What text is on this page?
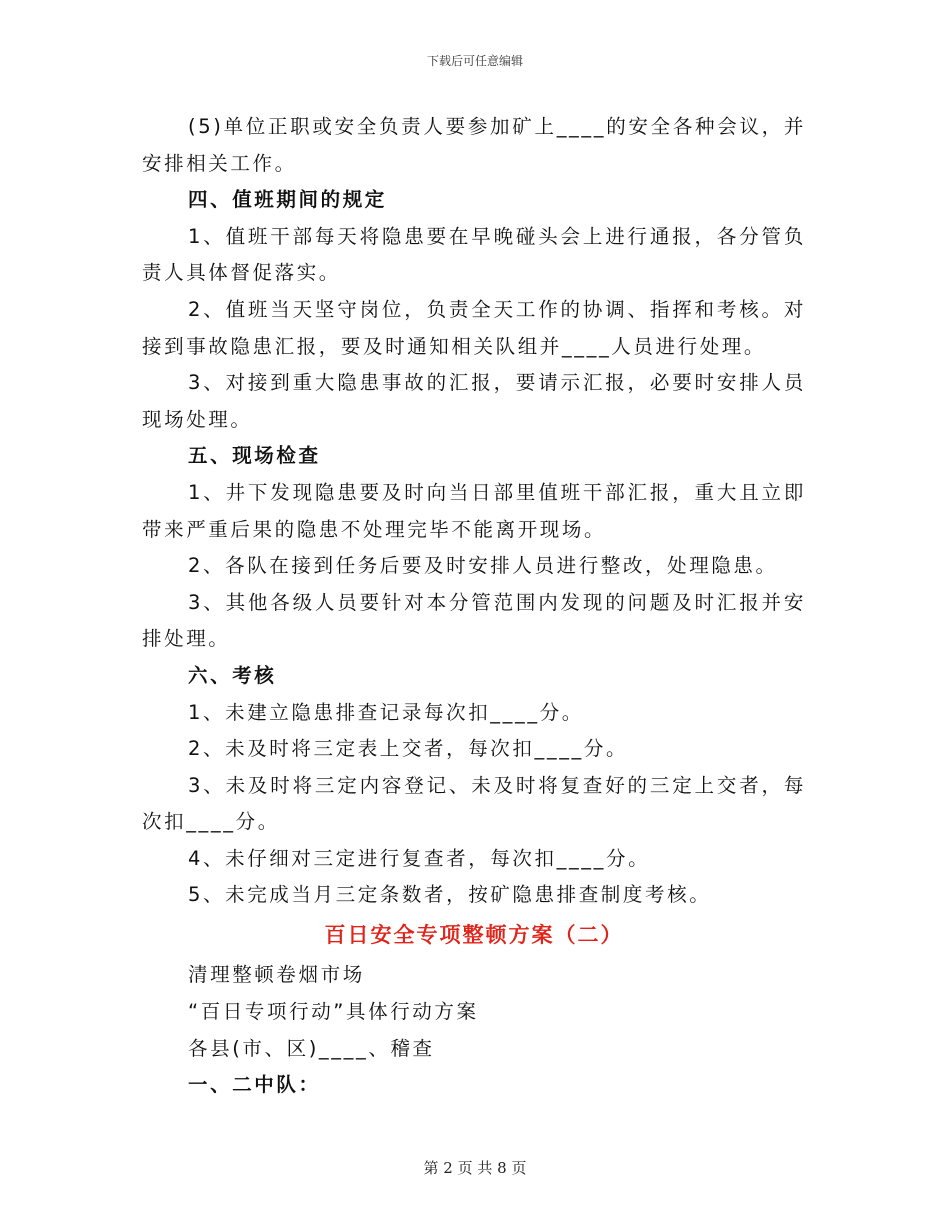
下载后可任意编辑

(5)单位正职或安全负责人要参加矿上____的安全各种会议，并安排相关工作。

四、值班期间的规定

1、值班干部每天将隐患要在早晚碰头会上进行通报，各分管负责人具体督促落实。

2、值班当天坚守岗位，负责全天工作的协调、指挥和考核。对接到事故隐患汇报，要及时通知相关队组并____人员进行处理。

3、对接到重大隐患事故的汇报，要请示汇报，必要时安排人员现场处理。

五、现场检查

1、井下发现隐患要及时向当日部里值班干部汇报，重大且立即带来严重后果的隐患不处理完毕不能离开现场。

2、各队在接到任务后要及时安排人员进行整改，处理隐患。

3、其他各级人员要针对本分管范围内发现的问题及时汇报并安排处理。

六、考核

1、未建立隐患排查记录每次扣____分。

2、未及时将三定表上交者，每次扣____分。

3、未及时将三定内容登记、未及时将复查好的三定上交者，每次扣____分。

4、未仔细对三定进行复查者，每次扣____分。

5、未完成当月三定条数者，按矿隐患排查制度考核。

百日安全专项整顿方案（二）

清理整顿卷烟市场

“百日专项行动”具体行动方案

各县(市、区)____、稽查

一、二中队：

第 2 页 共 8 页
